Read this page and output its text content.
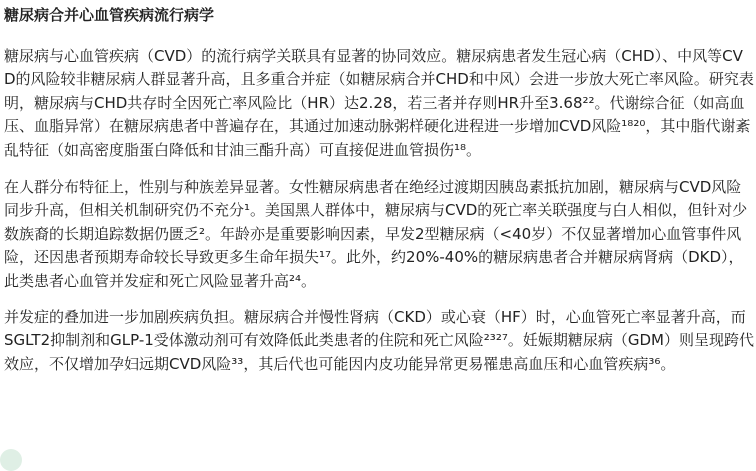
糖尿病合并心血管疾病流行病学

糖尿病与心血管疾病（CVD）的流行病学关联具有显著的协同效应。糖尿病患者发生冠心病（CHD）、中风等CVD的风险较非糖尿病人群显著升高，且多重合并症（如糖尿病合并CHD和中风）会进一步放大死亡率风险。研究表明，糖尿病与CHD共存时全因死亡率风险比（HR）达2.28，若三者并存则HR升至3.68²²。代谢综合征（如高血压、血脂异常）在糖尿病患者中普遍存在，其通过加速动脉粥样硬化进程进一步增加CVD风险¹⁸²⁰，其中脂代谢紊乱特征（如高密度脂蛋白降低和甘油三酯升高）可直接促进血管损伤¹⁸。

在人群分布特征上，性别与种族差异显著。女性糖尿病患者在绝经过渡期因胰岛素抵抗加剧，糖尿病与CVD风险同步升高，但相关机制研究仍不充分¹。美国黑人群体中，糖尿病与CVD的死亡率关联强度与白人相似，但针对少数族裔的长期追踪数据仍匮乏²。年龄亦是重要影响因素，早发2型糖尿病（<40岁）不仅显著增加心血管事件风险，还因患者预期寿命较长导致更多生命年损失¹⁷。此外，约20%-40%的糖尿病患者合并糖尿病肾病（DKD），此类患者心血管并发症和死亡风险显著升高²⁴。

并发症的叠加进一步加剧疾病负担。糖尿病合并慢性肾病（CKD）或心衰（HF）时，心血管死亡率显著升高，而SGLT2抑制剂和GLP-1受体激动剂可有效降低此类患者的住院和死亡风险²³²⁷。妊娠期糖尿病（GDM）则呈现跨代效应，不仅增加孕妇远期CVD风险³³，其后代也可能因内皮功能异常更易罹患高血压和心血管疾病³⁶。
